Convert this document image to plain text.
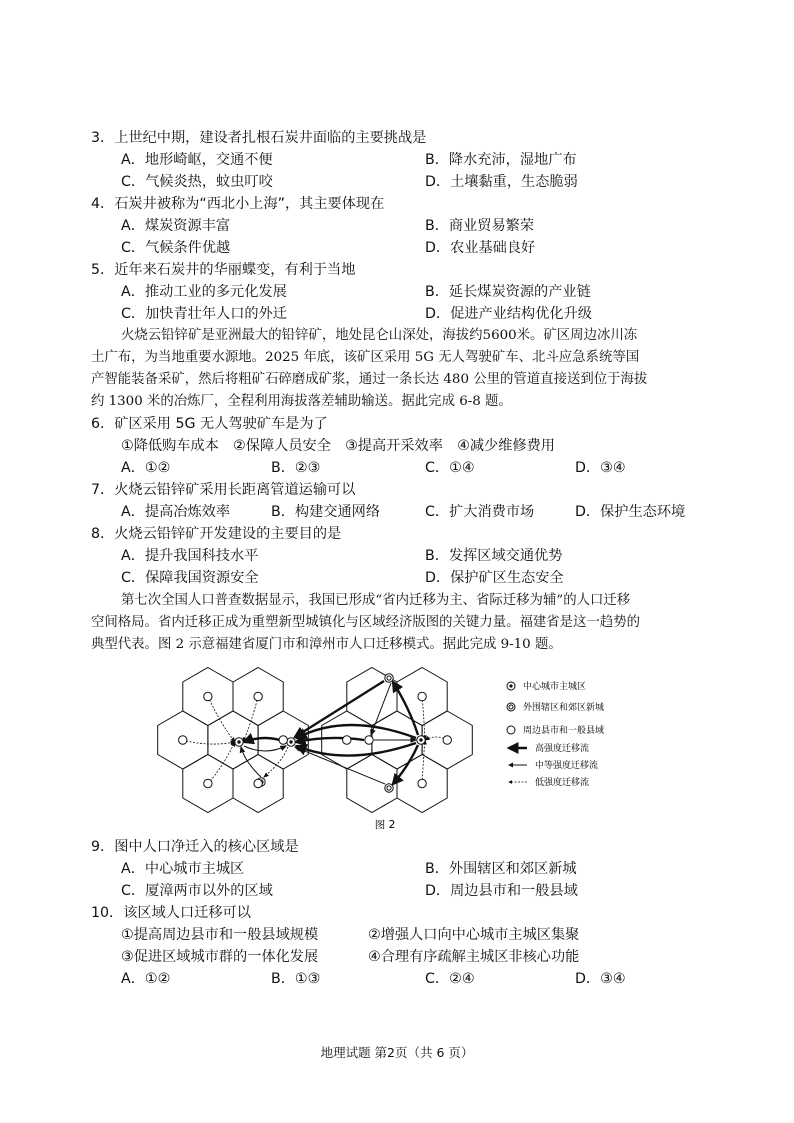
3．上世纪中期，建设者扎根石炭井面临的主要挑战是
A．地形崎岖，交通不便	B．降水充沛，湿地广布
C．气候炎热，蚊虫叮咬	D．土壤黏重，生态脆弱
4．石炭井被称为“西北小上海”，其主要体现在
A．煤炭资源丰富	B．商业贸易繁荣
C．气候条件优越	D．农业基础良好
5．近年来石炭井的华丽蝶变，有利于当地
A．推动工业的多元化发展	B．延长煤炭资源的产业链
C．加快青壮年人口的外迁	D．促进产业结构优化升级
火烧云铅锌矿是亚洲最大的铅锌矿，地处昆仑山深处，海拔约5600米。矿区周边冰川冻
土广布，为当地重要水源地。2025 年底，该矿区采用 5G 无人驾驶矿车、北斗应急系统等国
产智能装备采矿，然后将粗矿石碎磨成矿浆，通过一条长达 480 公里的管道直接送到位于海拔
约 1300 米的冶炼厂，全程利用海拔落差辅助输送。据此完成 6-8 题。
6．矿区采用 5G 无人驾驶矿车是为了
①降低购车成本　②保障人员安全　③提高开采效率　④减少维修费用
A．①②	B．②③	C．①④	D．③④
7．火烧云铅锌矿采用长距离管道运输可以
A．提高冶炼效率	B．构建交通网络	C．扩大消费市场	D．保护生态环境
8．火烧云铅锌矿开发建设的主要目的是
A．提升我国科技水平	B．发挥区域交通优势
C．保障我国资源安全	D．保护矿区生态安全
第七次全国人口普查数据显示，我国已形成“省内迁移为主、省际迁移为辅”的人口迁移
空间格局。省内迁移正成为重塑新型城镇化与区域经济版图的关键力量。福建省是这一趋势的
典型代表。图 2 示意福建省厦门市和漳州市人口迁移模式。据此完成 9-10 题。
中心城市主城区
外围辖区和郊区新城
周边县市和一般县域
高强度迁移流
中等强度迁移流
低强度迁移流
图 2
9．图中人口净迁入的核心区域是
A．中心城市主城区	B．外围辖区和郊区新城
C．厦漳两市以外的区域	D．周边县市和一般县域
10．该区域人口迁移可以
①提高周边县市和一般县域规模	②增强人口向中心城市主城区集聚
③促进区域城市群的一体化发展	④合理有序疏解主城区非核心功能
A．①②	B．①③	C．②④	D．③④
地理试题 第2页（共 6 页）
